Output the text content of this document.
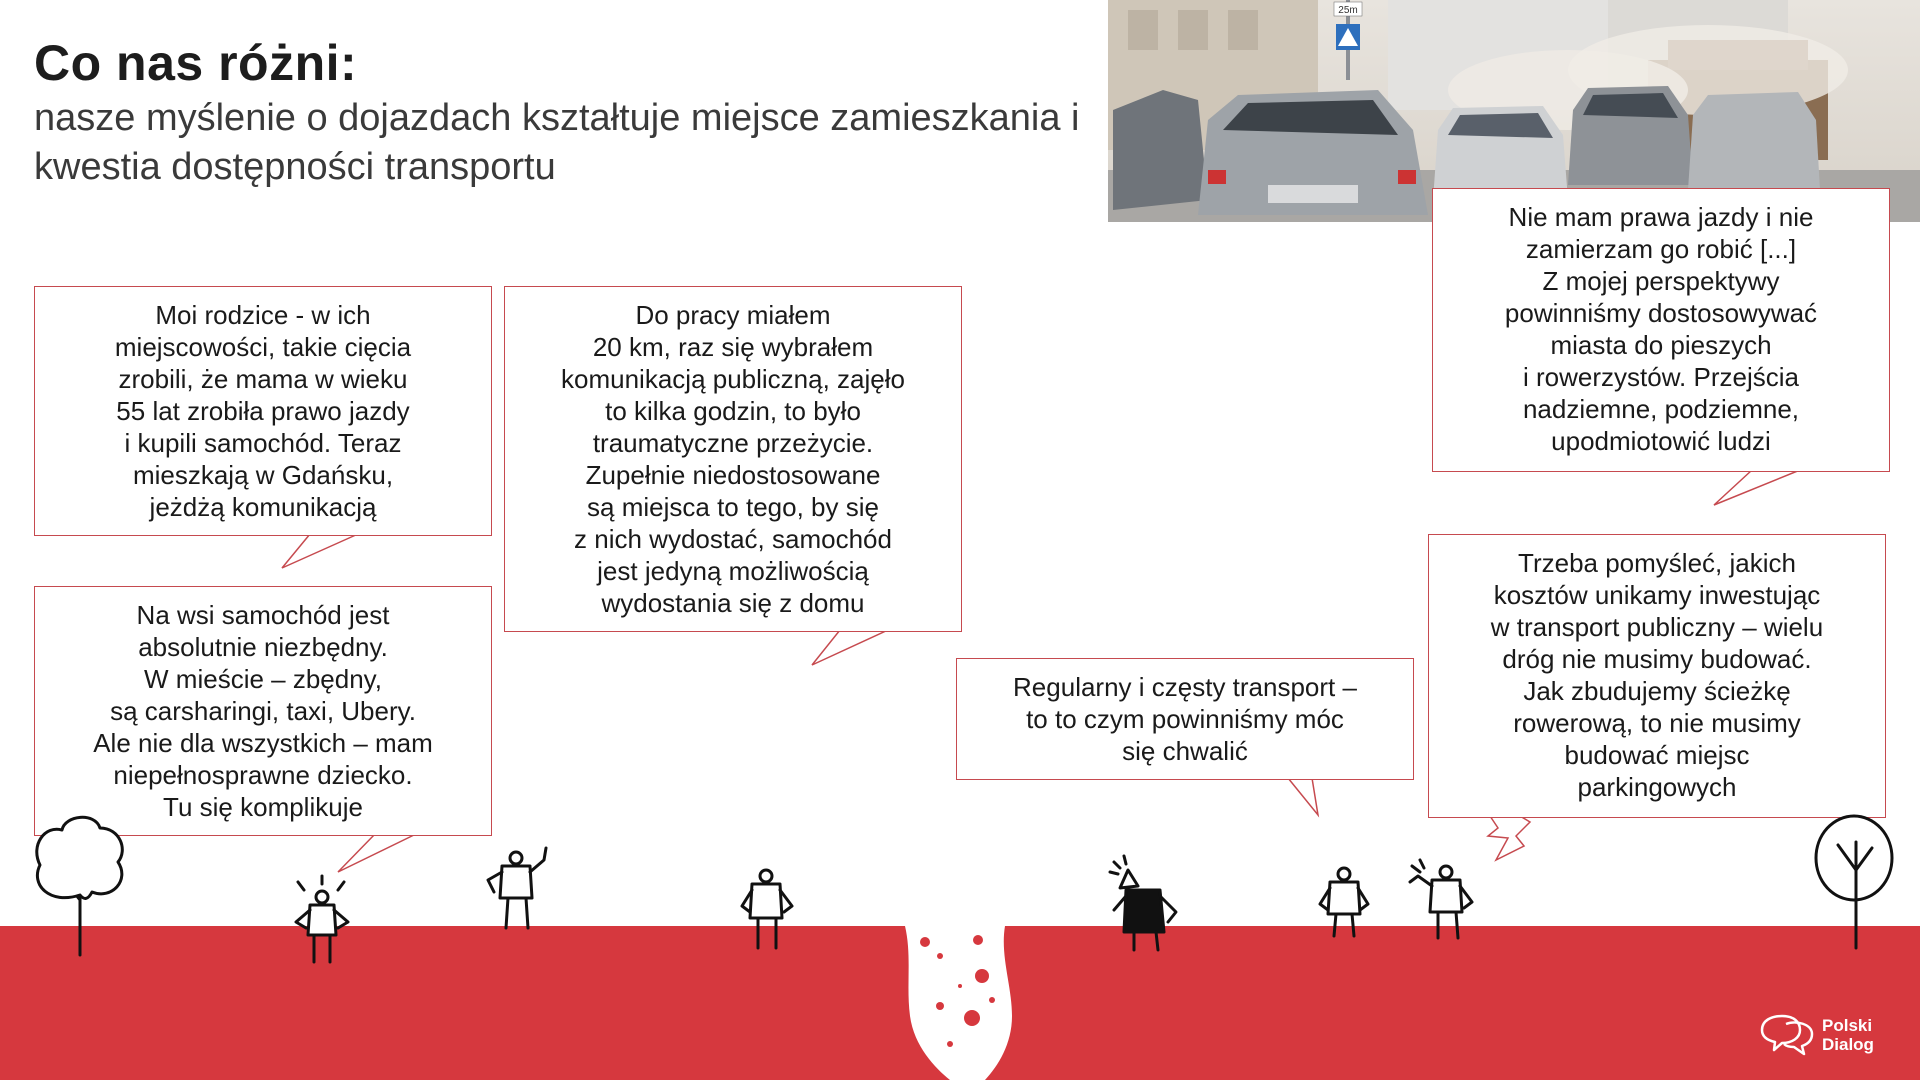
Co nas różni:

nasze myślenie o dojazdach kształtuje miejsce zamieszkania i kwestia dostępności transportu

25m
Moi rodzice - w ich
miejscowości, takie cięcia
zrobili, że mama w wieku
55 lat zrobiła prawo jazdy
i kupili samochód. Teraz
mieszkają w Gdańsku,
jeżdżą komunikacją
Na wsi samochód jest
absolutnie niezbędny.
W mieście – zbędny,
są carsharingi, taxi, Ubery.
Ale nie dla wszystkich – mam
niepełnosprawne dziecko.
Tu się komplikuje
Do pracy miałem
20 km, raz się wybrałem
komunikacją publiczną, zajęło
to kilka godzin, to było
traumatyczne przeżycie.
Zupełnie niedostosowane
są miejsca to tego, by się
z nich wydostać, samochód
jest jedyną możliwością
wydostania się z domu
Regularny i częsty transport –
to to czym powinniśmy móc
się chwalić
Nie mam prawa jazdy i nie
zamierzam go robić [...]
Z mojej perspektywy
powinniśmy dostosowywać
miasta do pieszych
i rowerzystów. Przejścia
nadziemne, podziemne,
upodmiotowić ludzi
Trzeba pomyśleć, jakich
kosztów unikamy inwestując
w transport publiczny – wielu
dróg nie musimy budować.
Jak zbudujemy ścieżkę
rowerową, to nie musimy
budować miejsc
parkingowych
Polski
Dialog
